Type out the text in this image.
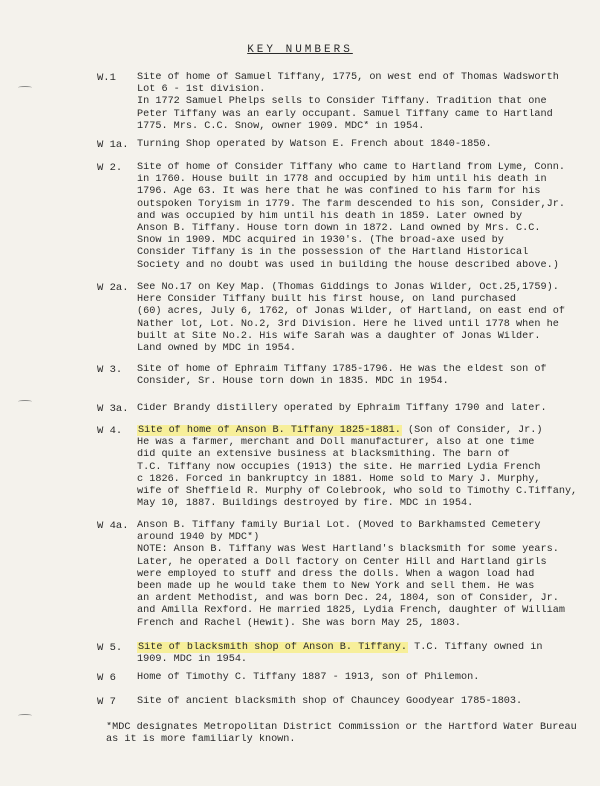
KEY NUMBERS
W.1 Site of home of Samuel Tiffany, 1775, on west end of Thomas Wadsworth
Lot 6 - 1st division.
In 1772 Samuel Phelps sells to Consider Tiffany. Tradition that one
Peter Tiffany was an early occupant. Samuel Tiffany came to Hartland
1775. Mrs. C.C. Snow, owner 1909. MDC* in 1954.
W 1a. Turning Shop operated by Watson E. French about 1840-1850.
W 2. Site of home of Consider Tiffany who came to Hartland from Lyme, Conn.
in 1760. House built in 1778 and occupied by him until his death in
1796. Age 63. It was here that he was confined to his farm for his
outspoken Toryism in 1779. The farm descended to his son, Consider,Jr.
and was occupied by him until his death in 1859. Later owned by
Anson B. Tiffany. House torn down in 1872. Land owned by Mrs. C.C.
Snow in 1909. MDC acquired in 1930's. (The broad-axe used by
Consider Tiffany is in the possession of the Hartland Historical
Society and no doubt was used in building the house described above.)
W 2a. See No.17 on Key Map. (Thomas Giddings to Jonas Wilder, Oct.25,1759).
Here Consider Tiffany built his first house, on land purchased
(60) acres, July 6, 1762, of Jonas Wilder, of Hartland, on east end of
Nather lot, Lot. No.2, 3rd Division. Here he lived until 1778 when he
built at Site No.2. His wife Sarah was a daughter of Jonas Wilder.
Land owned by MDC in 1954.
W 3. Site of home of Ephraim Tiffany 1785-1796. He was the eldest son of
Consider, Sr. House torn down in 1835. MDC in 1954.
W 3a. Cider Brandy distillery operated by Ephraim Tiffany 1790 and later.
W 4. Site of home of Anson B. Tiffany 1825-1881. (Son of Consider, Jr.)
He was a farmer, merchant and Doll manufacturer, also at one time
did quite an extensive business at blacksmithing. The barn of
T.C. Tiffany now occupies (1913) the site. He married Lydia French
c 1826. Forced in bankruptcy in 1881. Home sold to Mary J. Murphy,
wife of Sheffield R. Murphy of Colebrook, who sold to Timothy C.Tiffany,
May 10, 1887. Buildings destroyed by fire. MDC in 1954.
W 4a. Anson B. Tiffany family Burial Lot. (Moved to Barkhamsted Cemetery
around 1940 by MDC*)
NOTE: Anson B. Tiffany was West Hartland's blacksmith for some years.
Later, he operated a Doll factory on Center Hill and Hartland girls
were employed to stuff and dress the dolls. When a wagon load had
been made up he would take them to New York and sell them. He was
an ardent Methodist, and was born Dec. 24, 1804, son of Consider, Jr.
and Amilla Rexford. He married 1825, Lydia French, daughter of William
French and Rachel (Hewit). She was born May 25, 1803.
W 5. Site of blacksmith shop of Anson B. Tiffany. T.C. Tiffany owned in
1909. MDC in 1954.
W 6 Home of Timothy C. Tiffany 1887 - 1913, son of Philemon.
W 7 Site of ancient blacksmith shop of Chauncey Goodyear 1785-1803.
*MDC designates Metropolitan District Commission or the Hartford Water Bureau
as it is more familiarly known.
